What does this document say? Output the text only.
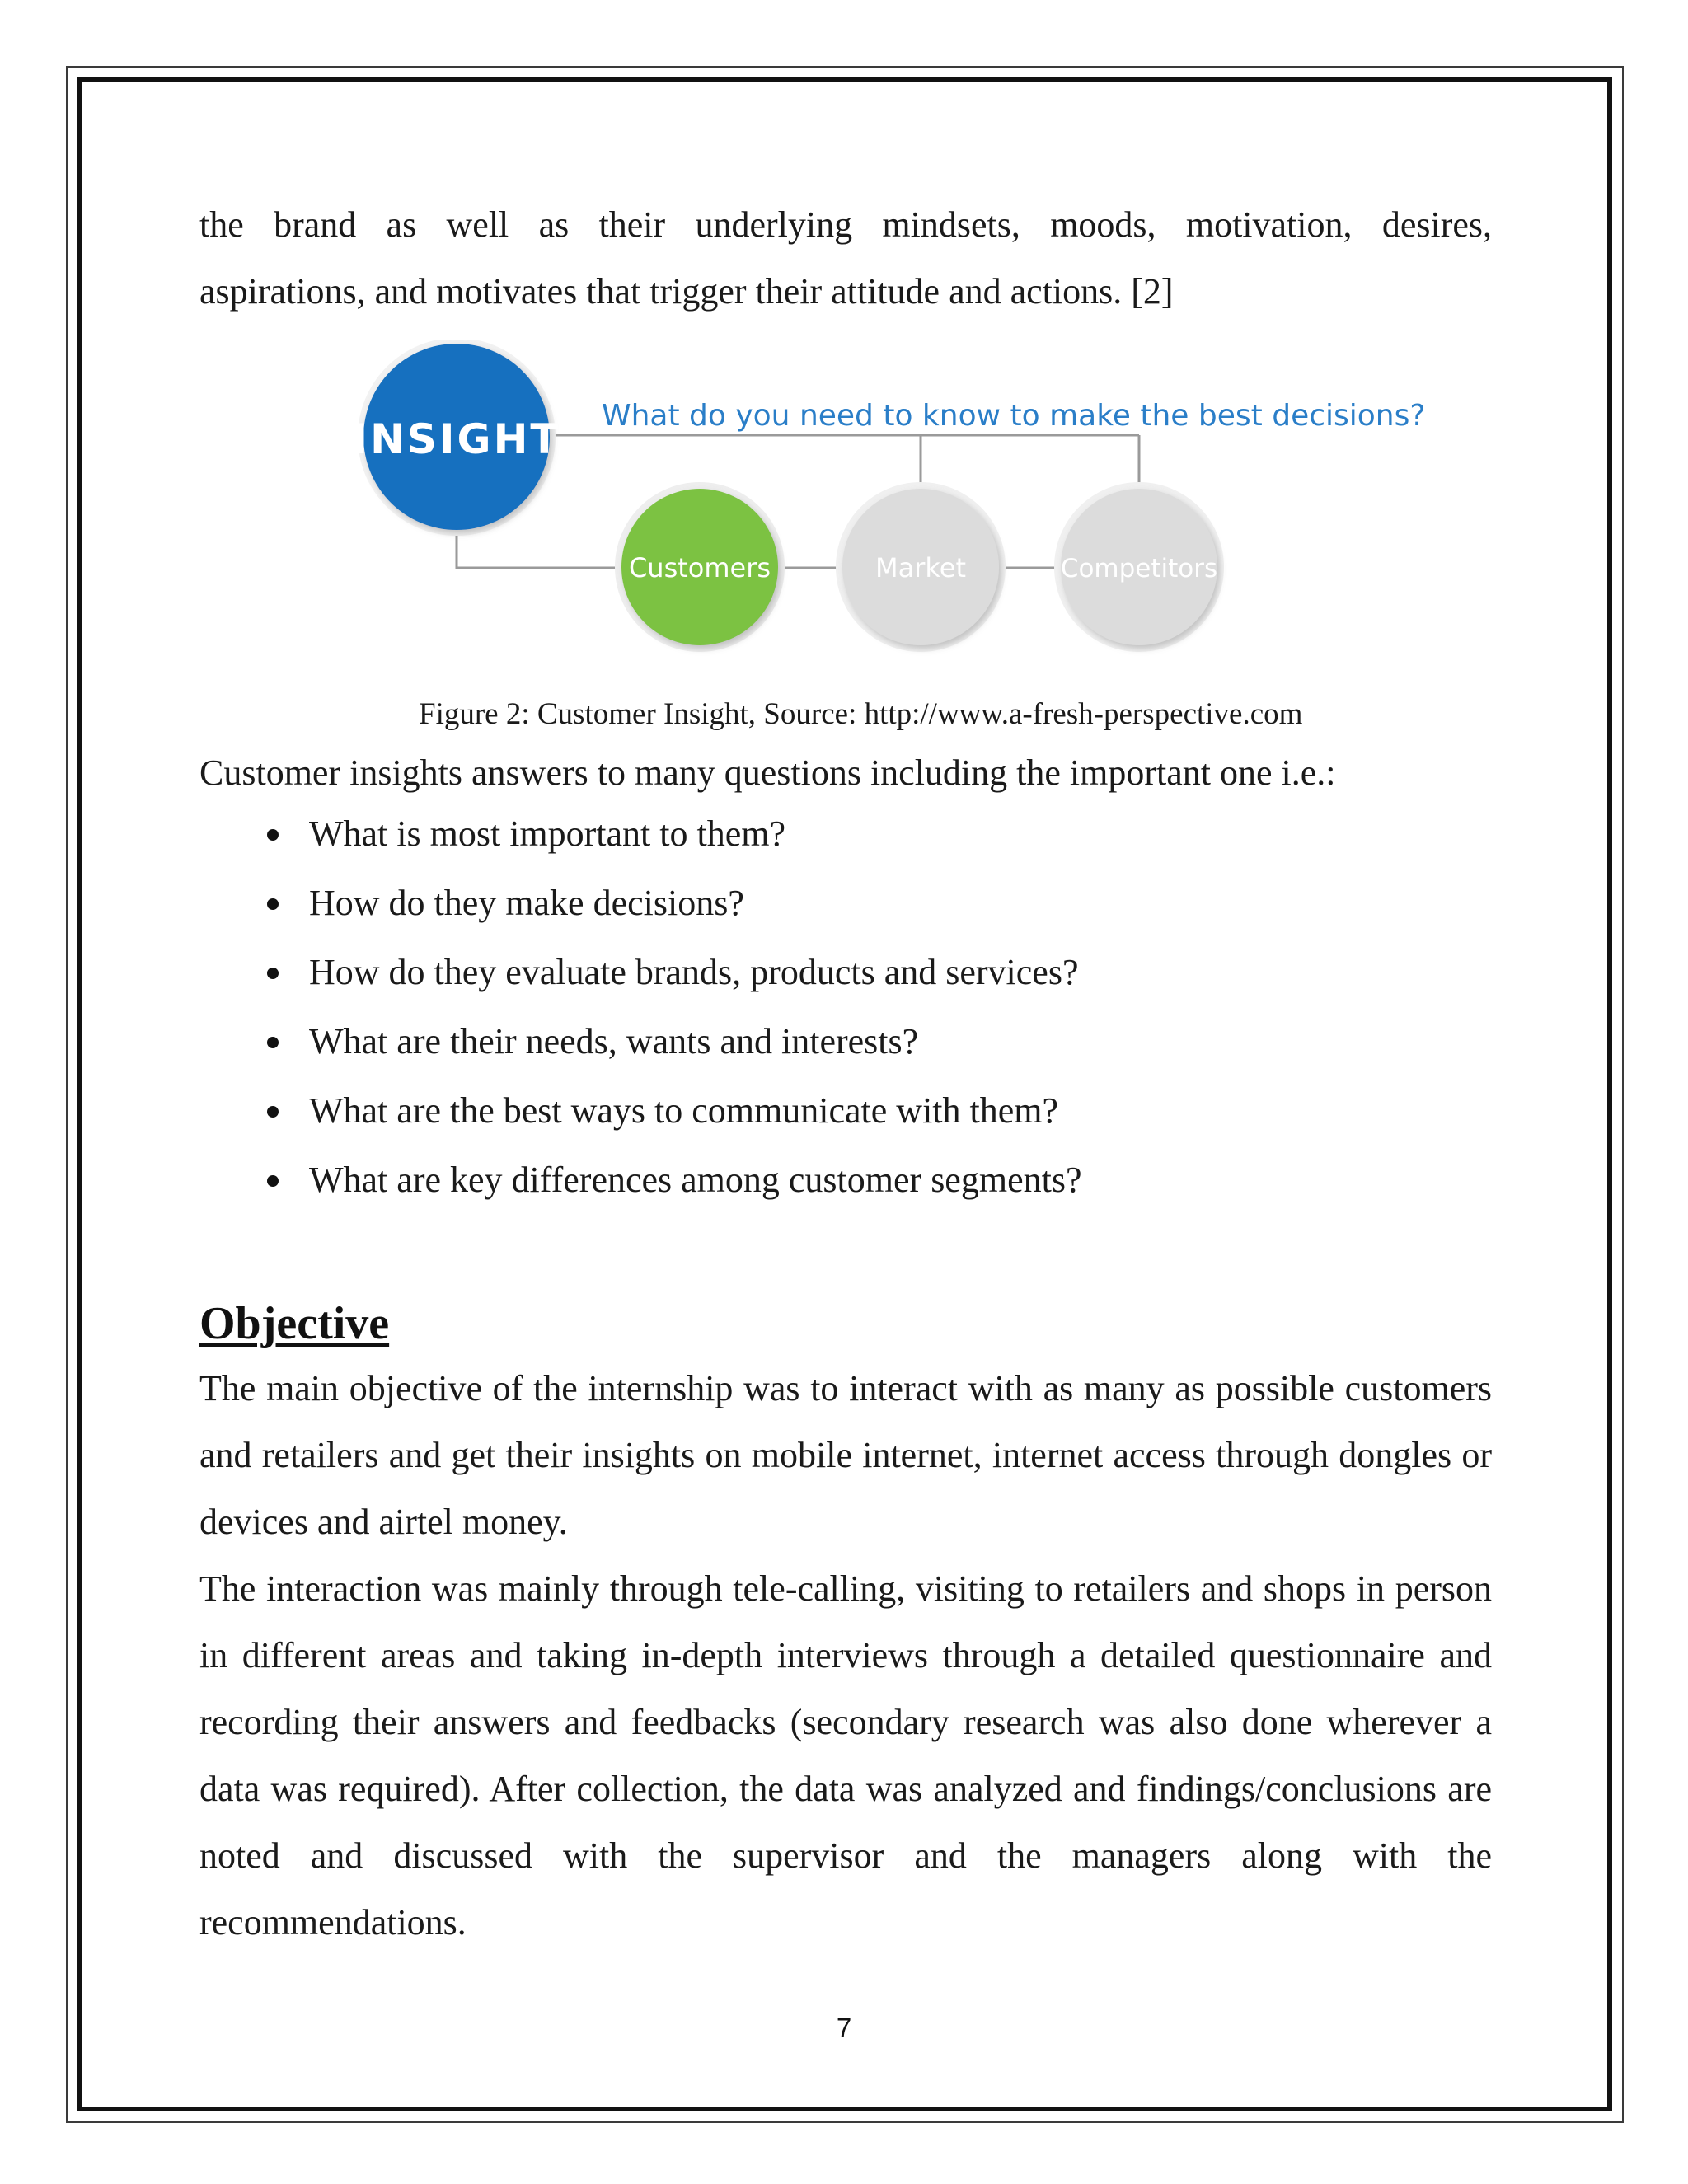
the brand as well as their underlying mindsets, moods, motivation, desires,

aspirations, and motivates that trigger their attitude and actions. [2]

INSIGHT What do you need to know to make the best decisions?
Customers	Market	Competitors

Figure 2: Customer Insight, Source: http://www.a-fresh-perspective.com

Customer insights answers to many questions including the important one i.e.:

What is most important to them?
How do they make decisions?
How do they evaluate brands, products and services?
What are their needs, wants and interests?
What are the best ways to communicate with them?
What are key differences among customer segments?
Objective

The main objective of the internship was to interact with as many as possible customers and retailers and get their insights on mobile internet, internet access through dongles or devices and airtel money.

The interaction was mainly through tele-calling, visiting to retailers and shops in person in different areas and taking in-depth interviews through a detailed questionnaire and recording their answers and feedbacks (secondary research was also done wherever a data was required). After collection, the data was analyzed and findings/conclusions are noted and discussed with the supervisor and the managers along with the recommendations.

7
